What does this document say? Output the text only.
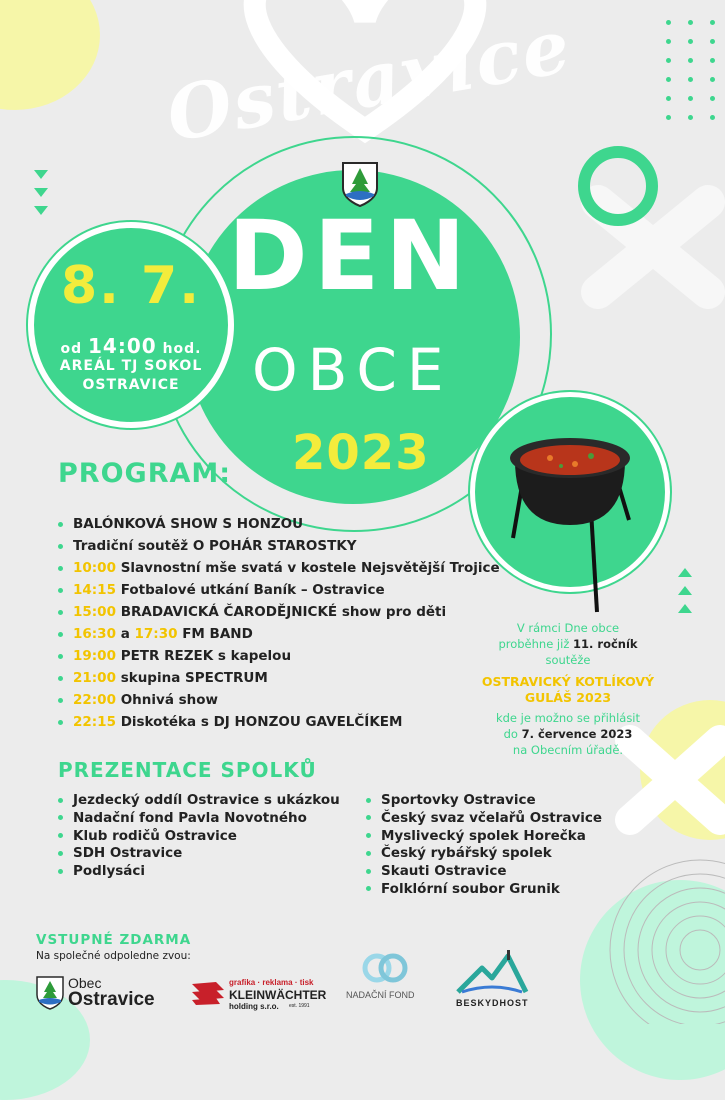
Ostravice
DEN
OBCE
2023
8. 7.
od 14:00 hod.
AREÁL TJ SOKOL
OSTRAVICE
PROGRAM:
BALÓNKOVÁ SHOW S HONZOU
Tradiční soutěž O POHÁR STAROSTKY
10:00 Slavnostní mše svatá v kostele Nejsvětější Trojice
14:15 Fotbalové utkání Baník – Ostravice
15:00 BRADAVICKÁ ČARODĚJNICKÉ show pro děti
16:30 a 17:30 FM BAND
19:00 PETR REZEK s kapelou
21:00 skupina SPECTRUM
22:00 Ohnivá show
22:15 Diskotéka s DJ HONZOU GAVELČÍKEM
V rámci Dne obce
proběhne již 11. ročník soutěže
OSTRAVICKÝ KOTLÍKOVÝ
GULÁŠ 2023
kde je možno se přihlásit
do 7. července 2023
na Obecním úřadě.
PREZENTACE SPOLKŮ
Jezdecký oddíl Ostravice s ukázkou
Nadační fond Pavla Novotného
Klub rodičů Ostravice
SDH Ostravice
Podlysáci
Sportovky Ostravice
Český svaz včelařů Ostravice
Myslivecký spolek Horečka
Český rybářský spolek
Skauti Ostravice
Folklórní soubor Grunik
VSTUPNÉ ZDARMA
Na společné odpoledne zvou:
Obec
Ostravice
grafika · reklama · tisk
KLEINWÄCHTER
holding s.r.o. est. 1991
NADAČNÍ FOND
BESKYDHOST
